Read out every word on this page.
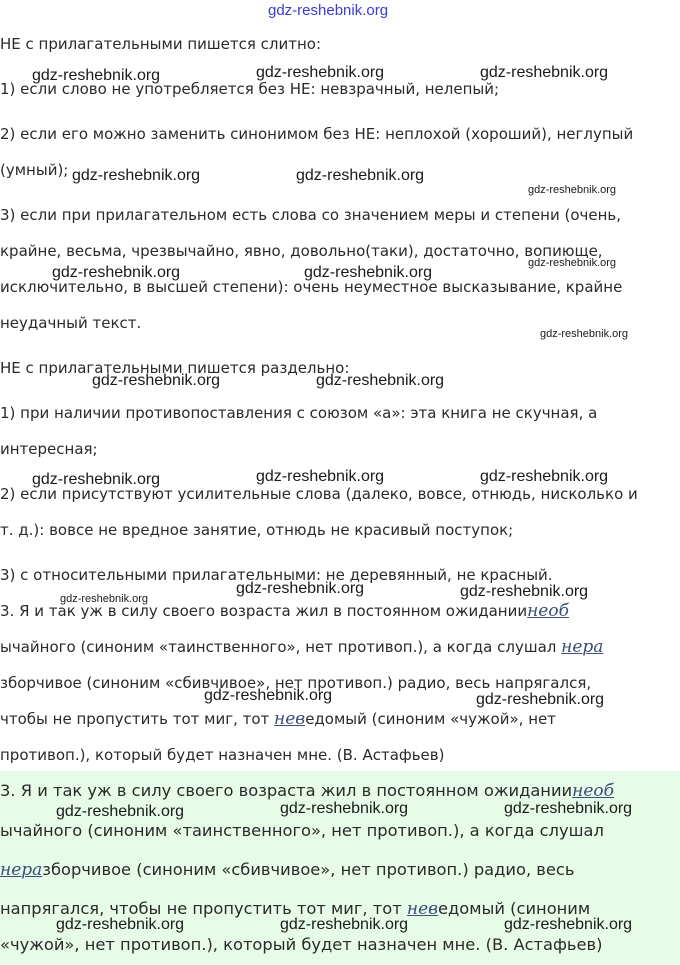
gdz-reshebnik.org
НЕ с прилагательными пишется слитно:
1) если слово не употребляется без НЕ: невзрачный, нелепый;
2) если его можно заменить синонимом без НЕ: неплохой (хороший), неглупый
(умный);
3) если при прилагательном есть слова со значением меры и степени (очень,
крайне, весьма, чрезвычайно, явно, довольно(таки), достаточно, вопиюще,
исключительно, в высшей степени): очень неуместное высказывание, крайне
неудачный текст.
НЕ с прилагательными пишется раздельно:
1) при наличии противопоставления с союзом «а»: эта книга не скучная, а
интересная;
2) если присутствуют усилительные слова (далеко, вовсе, отнюдь, нисколько и
т. д.): вовсе не вредное занятие, отнюдь не красивый поступок;
3) с относительными прилагательными: не деревянный, не красный.
3. Я и так уж в силу своего возраста жил в постоянном ожиданиинеоб
ычайного (синоним «таинственного», нет противоп.), а когда слушал нера
зборчивое (синоним «сбивчивое», нет противоп.) радио, весь напрягался,
чтобы не пропустить тот миг, тот неведомый (синоним «чужой», нет
противоп.), который будет назначен мне. (В. Астафьев)
3. Я и так уж в силу своего возраста жил в постоянном ожиданиинеоб
ычайного (синоним «таинственного», нет противоп.), а когда слушал
неразборчивое (синоним «сбивчивое», нет противоп.) радио, весь
напрягался, чтобы не пропустить тот миг, тот неведомый (синоним
«чужой», нет противоп.), который будет назначен мне. (В. Астафьев)
gdz-reshebnik.org	gdz-reshebnik.org	gdz-reshebnik.org
gdz-reshebnik.org	gdz-reshebnik.org
gdz-reshebnik.org
gdz-reshebnik.org	gdz-reshebnik.org
gdz-reshebnik.org
gdz-reshebnik.org
gdz-reshebnik.org	gdz-reshebnik.org
gdz-reshebnik.org	gdz-reshebnik.org	gdz-reshebnik.org
gdz-reshebnik.org	gdz-reshebnik.org
gdz-reshebnik.org
gdz-reshebnik.org	gdz-reshebnik.org
gdz-reshebnik.org	gdz-reshebnik.org	gdz-reshebnik.org
gdz-reshebnik.org	gdz-reshebnik.org	gdz-reshebnik.org
